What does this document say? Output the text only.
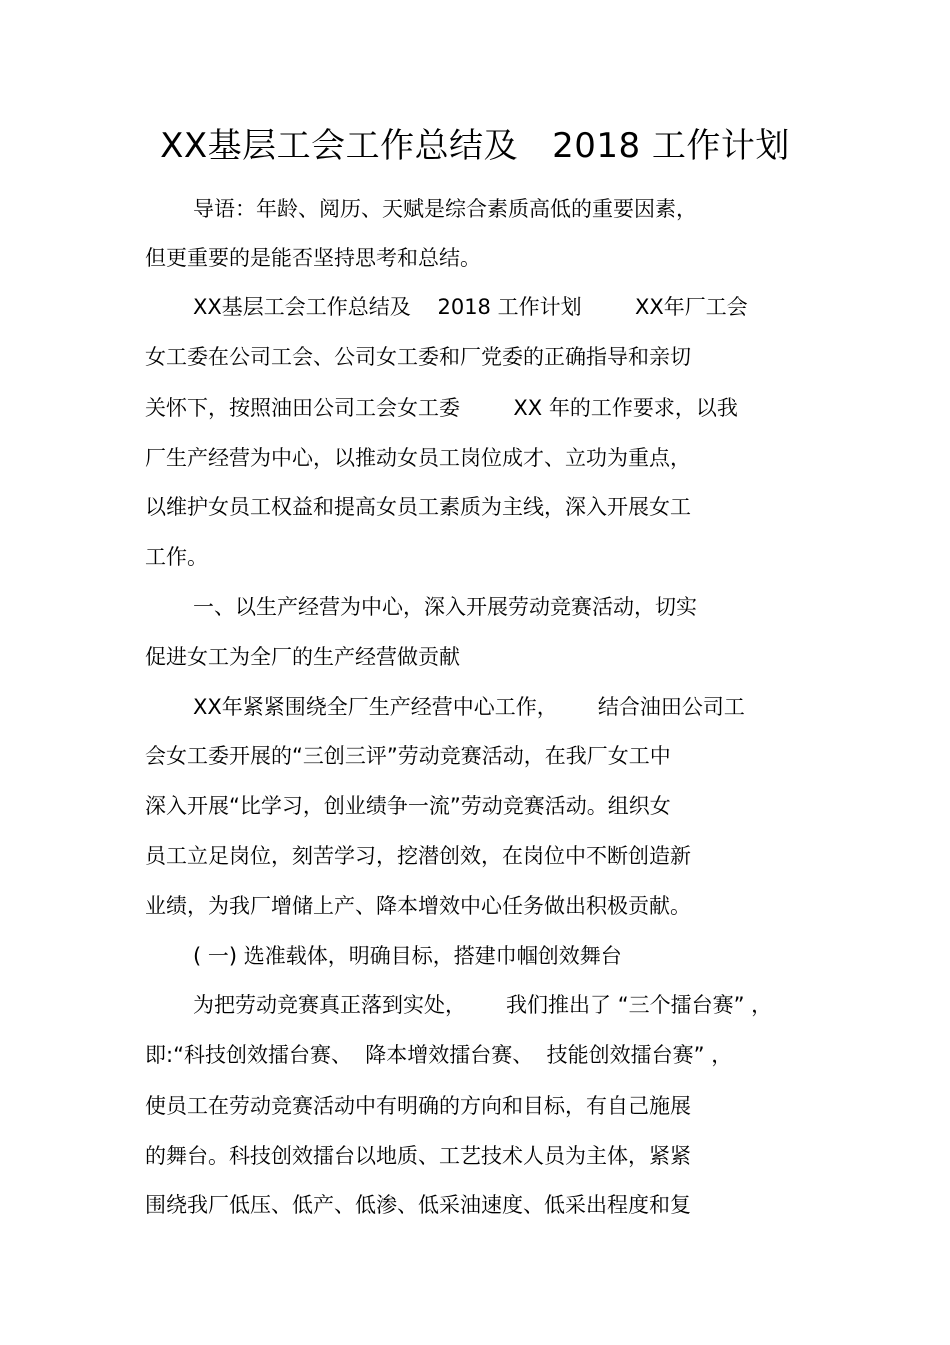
XX基层工会工作总结及   2018 工作计划
导语：年龄、阅历、天赋是综合素质高低的重要因素，
但更重要的是能否坚持思考和总结。
XX基层工会工作总结及    2018 工作计划        XX年厂工会
女工委在公司工会、公司女工委和厂党委的正确指导和亲切
关怀下，按照油田公司工会女工委        XX 年的工作要求，以我
厂生产经营为中心，以推动女员工岗位成才、立功为重点，
以维护女员工权益和提高女员工素质为主线，深入开展女工
工作。
一、以生产经营为中心，深入开展劳动竞赛活动，切实
促进女工为全厂的生产经营做贡献
XX年紧紧围绕全厂生产经营中心工作，      结合油田公司工
会女工委开展的“三创三评”劳动竞赛活动，在我厂女工中
深入开展“比学习，创业绩争一流”劳动竞赛活动。组织女
员工立足岗位，刻苦学习，挖潜创效，在岗位中不断创造新
业绩，为我厂增储上产、降本增效中心任务做出积极贡献。
( 一) 选准载体，明确目标，搭建巾帼创效舞台
为把劳动竞赛真正落到实处，      我们推出了 “三个擂台赛” ，
即:“科技创效擂台赛、  降本增效擂台赛、  技能创效擂台赛” ，
使员工在劳动竞赛活动中有明确的方向和目标，有自己施展
的舞台。科技创效擂台以地质、工艺技术人员为主体，紧紧
围绕我厂低压、低产、低渗、低采油速度、低采出程度和复
